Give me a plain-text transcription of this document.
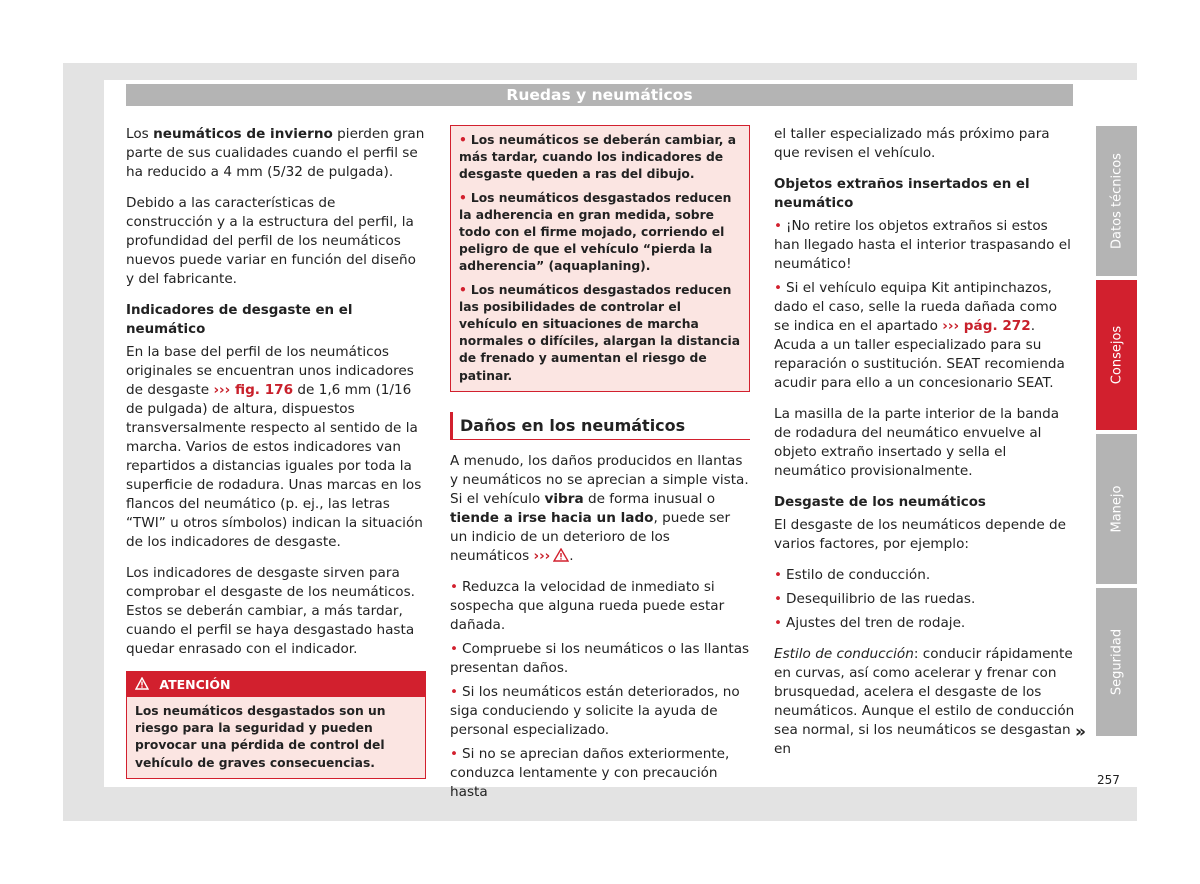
Ruedas y neumáticos

Los neumáticos de invierno pierden gran parte de sus cualidades cuando el perfil se ha reducido a 4 mm (5/32 de pulgada).

Debido a las características de construcción y a la estructura del perfil, la profundidad del perfil de los neumáticos nuevos puede variar en función del diseño y del fabricante.

Indicadores de desgaste en el neumático

En la base del perfil de los neumáticos originales se encuentran unos indicadores de desgaste ››› fig. 176 de 1,6 mm (1/16 de pulgada) de altura, dispuestos transversalmente respecto al sentido de la marcha. Varios de estos indicadores van repartidos a distancias iguales por toda la superficie de rodadura. Unas marcas en los flancos del neumático (p. ej., las letras “TWI” u otros símbolos) indican la situación de los indicadores de desgaste.

Los indicadores de desgaste sirven para comprobar el desgaste de los neumáticos. Estos se deberán cambiar, a más tardar, cuando el perfil se haya desgastado hasta quedar enrasado con el indicador.

ATENCIÓN
Los neumáticos desgastados son un riesgo para la seguridad y pueden provocar una pérdida de control del vehículo de graves consecuencias.
• Los neumáticos se deberán cambiar, a más tardar, cuando los indicadores de desgaste queden a ras del dibujo.
• Los neumáticos desgastados reducen la adherencia en gran medida, sobre todo con el firme mojado, corriendo el peligro de que el vehículo “pierda la adherencia” (aquaplaning).
• Los neumáticos desgastados reducen las posibilidades de controlar el vehículo en situaciones de marcha normales o difíciles, alargan la distancia de frenado y aumentan el riesgo de patinar.
Daños en los neumáticos

A menudo, los daños producidos en llantas y neumáticos no se aprecian a simple vista. Si el vehículo vibra de forma inusual o tiende a irse hacia un lado, puede ser un indicio de un deterioro de los neumáticos ››› .

• Reduzca la velocidad de inmediato si sospecha que alguna rueda puede estar dañada.
• Compruebe si los neumáticos o las llantas presentan daños.
• Si los neumáticos están deteriorados, no siga conduciendo y solicite la ayuda de personal especializado.
• Si no se aprecian daños exteriormente, conduzca lentamente y con precaución hasta

el taller especializado más próximo para que revisen el vehículo.

Objetos extraños insertados en el neumático
• ¡No retire los objetos extraños si estos han llegado hasta el interior traspasando el neumático!
• Si el vehículo equipa Kit antipinchazos, dado el caso, selle la rueda dañada como se indica en el apartado ››› pág. 272. Acuda a un taller especializado para su reparación o sustitución. SEAT recomienda acudir para ello a un concesionario SEAT.

La masilla de la parte interior de la banda de rodadura del neumático envuelve al objeto extraño insertado y sella el neumático provisionalmente.

Desgaste de los neumáticos

El desgaste de los neumáticos depende de varios factores, por ejemplo:

• Estilo de conducción.
• Desequilibrio de las ruedas.
• Ajustes del tren de rodaje.

Estilo de conducción: conducir rápidamente en curvas, así como acelerar y frenar con brusquedad, acelera el desgaste de los neumáticos. Aunque el estilo de conducción sea normal, si los neumáticos se desgastan en

»
Datos técnicos
Consejos
Manejo
Seguridad
257
